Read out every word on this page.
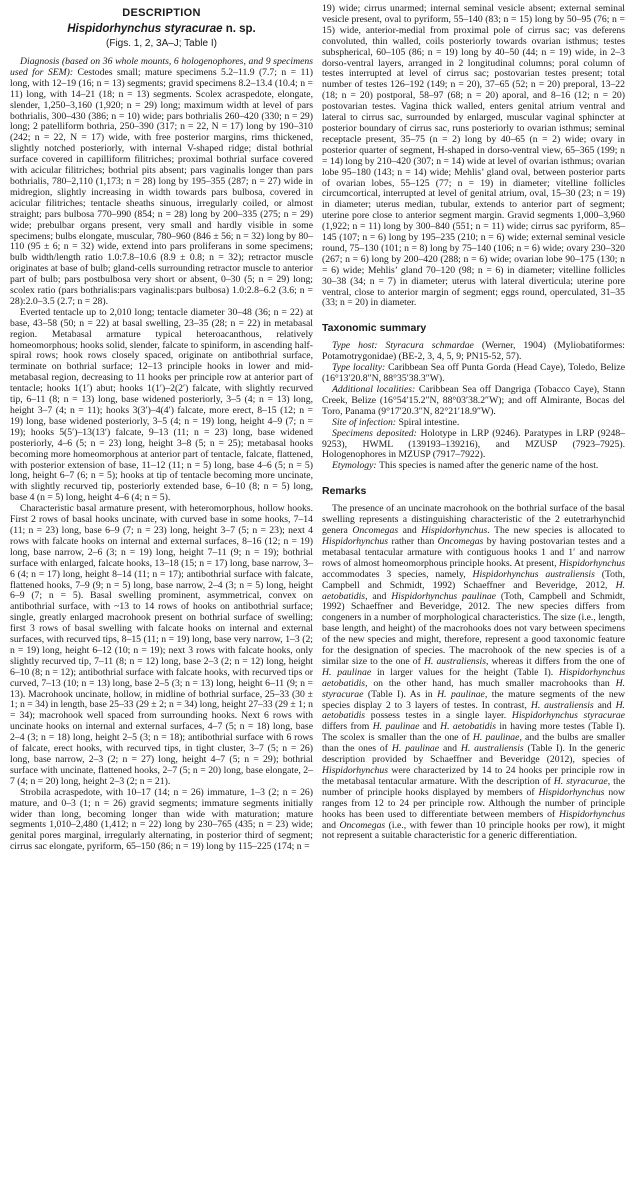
DESCRIPTION
Hispidorhynchus styracurae n. sp.
(Figs. 1, 2, 3A–J; Table I)

Diagnosis (based on 36 whole mounts, 6 hologenophores, and 9 specimens used for SEM): Cestodes small; mature specimens 5.2–11.9 (7.7; n = 11) long, with 12–19 (16; n = 13) segments; gravid specimens 8.2–13.4 (10.4; n = 11) long, with 14–21 (18; n = 13) segments. Scolex acraspedote, elongate, slender, 1,250–3,160 (1,920; n = 29) long; maximum width at level of pars bothrialis, 300–430 (386; n = 10) wide; pars bothrialis 260–420 (330; n = 29) long; 2 patelliform bothria, 250–390 (317; n = 22, N = 17) long by 190–310 (242; n = 22, N = 17) wide, with free posterior margins, rims thickened, slightly notched posteriorly, with internal V-shaped ridge; distal bothrial surface covered in capilliform filitriches; proximal bothrial surface covered with acicular filitriches; bothrial pits absent; pars vaginalis longer than pars bothrialis, 780–2,110 (1,173; n = 28) long by 195–355 (287; n = 27) wide in midregion, slightly increasing in width towards pars bulbosa, covered in acicular filitriches; tentacle sheaths sinuous, irregularly coiled, or almost straight; pars bulbosa 770–990 (854; n = 28) long by 200–335 (275; n = 29) wide; prebulbar organs present, very small and hardly visible in some specimens; bulbs elongate, muscular, 780–960 (846 ± 56; n = 32) long by 80–110 (95 ± 6; n = 32) wide, extend into pars proliferans in some specimens; bulb width/length ratio 1.0:7.8–10.6 (8.9 ± 0.8; n = 32); retractor muscle originates at base of bulb; gland-cells surrounding retractor muscle to anterior part of bulb; pars postbulbosa very short or absent, 0–30 (5; n = 29) long; scolex ratio (pars bothrialis:pars vaginalis:pars bulbosa) 1.0:2.8–6.2 (3.6; n = 28):2.0–3.5 (2.7; n = 28).

Everted tentacle up to 2,010 long; tentacle diameter 30–48 (36; n = 22) at base, 43–58 (50; n = 22) at basal swelling, 23–35 (28; n = 22) in metabasal region. Metabasal armature typical heteroacanthous, relatively homeomorphous; hooks solid, slender, falcate to spiniform, in ascending half-spiral rows; hook rows closely spaced, originate on antibothrial surface, terminate on bothrial surface; 12–13 principle hooks in lower and mid-metabasal region, decreasing to 11 hooks per principle row at anterior part of tentacle; hooks 1(1′) abut; hooks 1(1′)–2(2′) falcate, with slightly recurved tip, 6–11 (8; n = 13) long, base widened posteriorly, 3–5 (4; n = 13) long, height 3–7 (4; n = 11); hooks 3(3′)–4(4′) falcate, more erect, 8–15 (12; n = 19) long, base widened posteriorly, 3–5 (4; n = 19) long, height 4–9 (7; n = 19); hooks 5(5′)–13(13′) falcate, 9–13 (11; n = 23) long, base widened posteriorly, 4–6 (5; n = 23) long, height 3–8 (5; n = 25); metabasal hooks becoming more homeomorphous at anterior part of tentacle, falcate, flattened, with posterior extension of base, 11–12 (11; n = 5) long, base 4–6 (5; n = 5) long, height 6–7 (6; n = 5); hooks at tip of tentacle becoming more uncinate, with slightly recurved tip, posteriorly extended base, 6–10 (8; n = 5) long, base 4 (n = 5) long, height 4–6 (4; n = 5).

Characteristic basal armature present, with heteromorphous, hollow hooks. First 2 rows of basal hooks uncinate, with curved base in some hooks, 7–14 (11; n = 23) long, base 6–9 (7; n = 23) long, height 3–7 (5; n = 23); next 4 rows with falcate hooks on internal and external surfaces, 8–16 (12; n = 19) long, base narrow, 2–6 (3; n = 19) long, height 7–11 (9; n = 19); bothrial surface with enlarged, falcate hooks, 13–18 (15; n = 17) long, base narrow, 3–6 (4; n = 17) long, height 8–14 (11; n = 17); antibothrial surface with falcate, flattened hooks, 7–9 (9; n = 5) long, base narrow, 2–4 (3; n = 5) long, height 6–9 (7; n = 5). Basal swelling prominent, asymmetrical, convex on antibothrial surface, with ~13 to 14 rows of hooks on antibothrial surface; single, greatly enlarged macrohook present on bothrial surface of swelling; first 3 rows of basal swelling with falcate hooks on internal and external surfaces, with recurved tips, 8–15 (11; n = 19) long, base very narrow, 1–3 (2; n = 19) long, height 6–12 (10; n = 19); next 3 rows with falcate hooks, only slightly recurved tip, 7–11 (8; n = 12) long, base 2–3 (2; n = 12) long, height 6–10 (8; n = 12); antibothrial surface with falcate hooks, with recurved tips or curved, 7–13 (10; n = 13) long, base 2–5 (3; n = 13) long, height 6–11 (9; n = 13). Macrohook uncinate, hollow, in midline of bothrial surface, 25–33 (30 ± 1; n = 34) in length, base 25–33 (29 ± 2; n = 34) long, height 27–33 (29 ± 1; n = 34); macrohook well spaced from surrounding hooks. Next 6 rows with uncinate hooks on internal and external surfaces, 4–7 (5; n = 18) long, base 2–4 (3; n = 18) long, height 2–5 (3; n = 18); antibothrial surface with 6 rows of falcate, erect hooks, with recurved tips, in tight cluster, 3–7 (5; n = 26) long, base narrow, 2–3 (2; n = 27) long, height 4–7 (5; n = 29); bothrial surface with uncinate, flattened hooks, 2–7 (5; n = 20) long, base elongate, 2–7 (4; n = 20) long, height 2–3 (2; n = 21).

Strobila acraspedote, with 10–17 (14; n = 26) immature, 1–3 (2; n = 26) mature, and 0–3 (1; n = 26) gravid segments; immature segments initially wider than long, becoming longer than wide with maturation; mature segments 1,010–2,480 (1,412; n = 22) long by 230–765 (435; n = 23) wide; genital pores marginal, irregularly alternating, in posterior third of segment; cirrus sac elongate, pyriform, 65–150 (86; n = 19) long by 115–225 (174; n =

19) wide; cirrus unarmed; internal seminal vesicle absent; external seminal vesicle present, oval to pyriform, 55–140 (83; n = 15) long by 50–95 (76; n = 15) wide, anterior-medial from proximal pole of cirrus sac; vas deferens convoluted, thin walled, coils posteriorly towards ovarian isthmus; testes subspherical, 60–105 (86; n = 19) long by 40–50 (44; n = 19) wide, in 2–3 dorso-ventral layers, arranged in 2 longitudinal columns; poral column of testes interrupted at level of cirrus sac; postovarian testes present; total number of testes 126–192 (149; n = 20), 37–65 (52; n = 20) preporal, 13–22 (18; n = 20) postporal, 58–97 (68; n = 20) aporal, and 8–16 (12; n = 20) postovarian testes. Vagina thick walled, enters genital atrium ventral and lateral to cirrus sac, surrounded by enlarged, muscular vaginal sphincter at posterior boundary of cirrus sac, runs posteriorly to ovarian isthmus; seminal receptacle present, 35–75 (n = 2) long by 40–65 (n = 2) wide; ovary in posterior quarter of segment, H-shaped in dorso-ventral view, 65–365 (199; n = 14) long by 210–420 (307; n = 14) wide at level of ovarian isthmus; ovarian lobe 95–180 (143; n = 14) wide; Mehlis’ gland oval, between posterior parts of ovarian lobes, 55–125 (77; n = 19) in diameter; vitelline follicles circumcortical, interrupted at level of genital atrium, oval, 15–30 (23; n = 19) in diameter; uterus median, tubular, extends to anterior part of segment; uterine pore close to anterior segment margin. Gravid segments 1,000–3,960 (1,922; n = 11) long by 300–840 (551; n = 11) wide; cirrus sac pyriform, 85–145 (107; n = 6) long by 195–235 (210; n = 6) wide; external seminal vesicle round, 75–130 (101; n = 8) long by 75–140 (106; n = 6) wide; ovary 230–320 (267; n = 6) long by 200–420 (288; n = 6) wide; ovarian lobe 90–175 (130; n = 6) wide; Mehlis’ gland 70–120 (98; n = 6) in diameter; vitelline follicles 30–38 (34; n = 7) in diameter; uterus with lateral diverticula; uterine pore ventral, close to anterior margin of segment; eggs round, operculated, 31–35 (33; n = 20) in diameter.

Taxonomic summary

Type host: Styracura schmardae (Werner, 1904) (Myliobatiformes: Potamotrygonidae) (BE-2, 3, 4, 5, 9; PN15-52, 57).

Type locality: Caribbean Sea off Punta Gorda (Head Caye), Toledo, Belize (16°13′20.8″N, 88°35′38.3″W).

Additional localities: Caribbean Sea off Dangriga (Tobacco Caye), Stann Creek, Belize (16°54′15.2″N, 88°03′38.2″W); and off Almirante, Bocas del Toro, Panama (9°17′20.3″N, 82°21′18.9″W).

Site of infection: Spiral intestine.

Specimens deposited: Holotype in LRP (9246). Paratypes in LRP (9248–9253), HWML (139193–139216), and MZUSP (7923–7925). Hologenophores in MZUSP (7917–7922).

Etymology: This species is named after the generic name of the host.

Remarks

The presence of an uncinate macrohook on the bothrial surface of the basal swelling represents a distinguishing characteristic of the 2 eutetrarhynchid genera Oncomegas and Hispidorhynchus. The new species is allocated to Hispidorhynchus rather than Oncomegas by having postovarian testes and a metabasal tentacular armature with contiguous hooks 1 and 1′ and narrow rows of almost homeomorphous principle hooks. At present, Hispidorhynchus accommodates 3 species, namely, Hispidorhynchus australiensis (Toth, Campbell and Schmidt, 1992) Schaeffner and Beveridge, 2012, H. aetobatidis, and Hispidorhynchus paulinae (Toth, Campbell and Schmidt, 1992) Schaeffner and Beveridge, 2012. The new species differs from congeners in a number of morphological characteristics. The size (i.e., length, base length, and height) of the macrohooks does not vary between specimens of the new species and might, therefore, represent a good taxonomic feature for the designation of species. The macrohook of the new species is of a similar size to the one of H. australiensis, whereas it differs from the one of H. paulinae in larger values for the height (Table I). Hispidorhynchus aetobatidis, on the other hand, has much smaller macrohooks than H. styracurae (Table I). As in H. paulinae, the mature segments of the new species display 2 to 3 layers of testes. In contrast, H. australiensis and H. aetobatidis possess testes in a single layer. Hispidorhynchus styracurae differs from H. paulinae and H. aetobatidis in having more testes (Table I). The scolex is smaller than the one of H. paulinae, and the bulbs are smaller than the ones of H. paulinae and H. australiensis (Table I). In the generic description provided by Schaeffner and Beveridge (2012), species of Hispidorhynchus were characterized by 14 to 24 hooks per principle row in the metabasal tentacular armature. With the description of H. styracurae, the number of principle hooks displayed by members of Hispidorhynchus now ranges from 12 to 24 per principle row. Although the number of principle hooks has been used to differentiate between members of Hispidorhynchus and Oncomegas (i.e., with fewer than 10 principle hooks per row), it might not represent a suitable characteristic for a generic differentiation.
